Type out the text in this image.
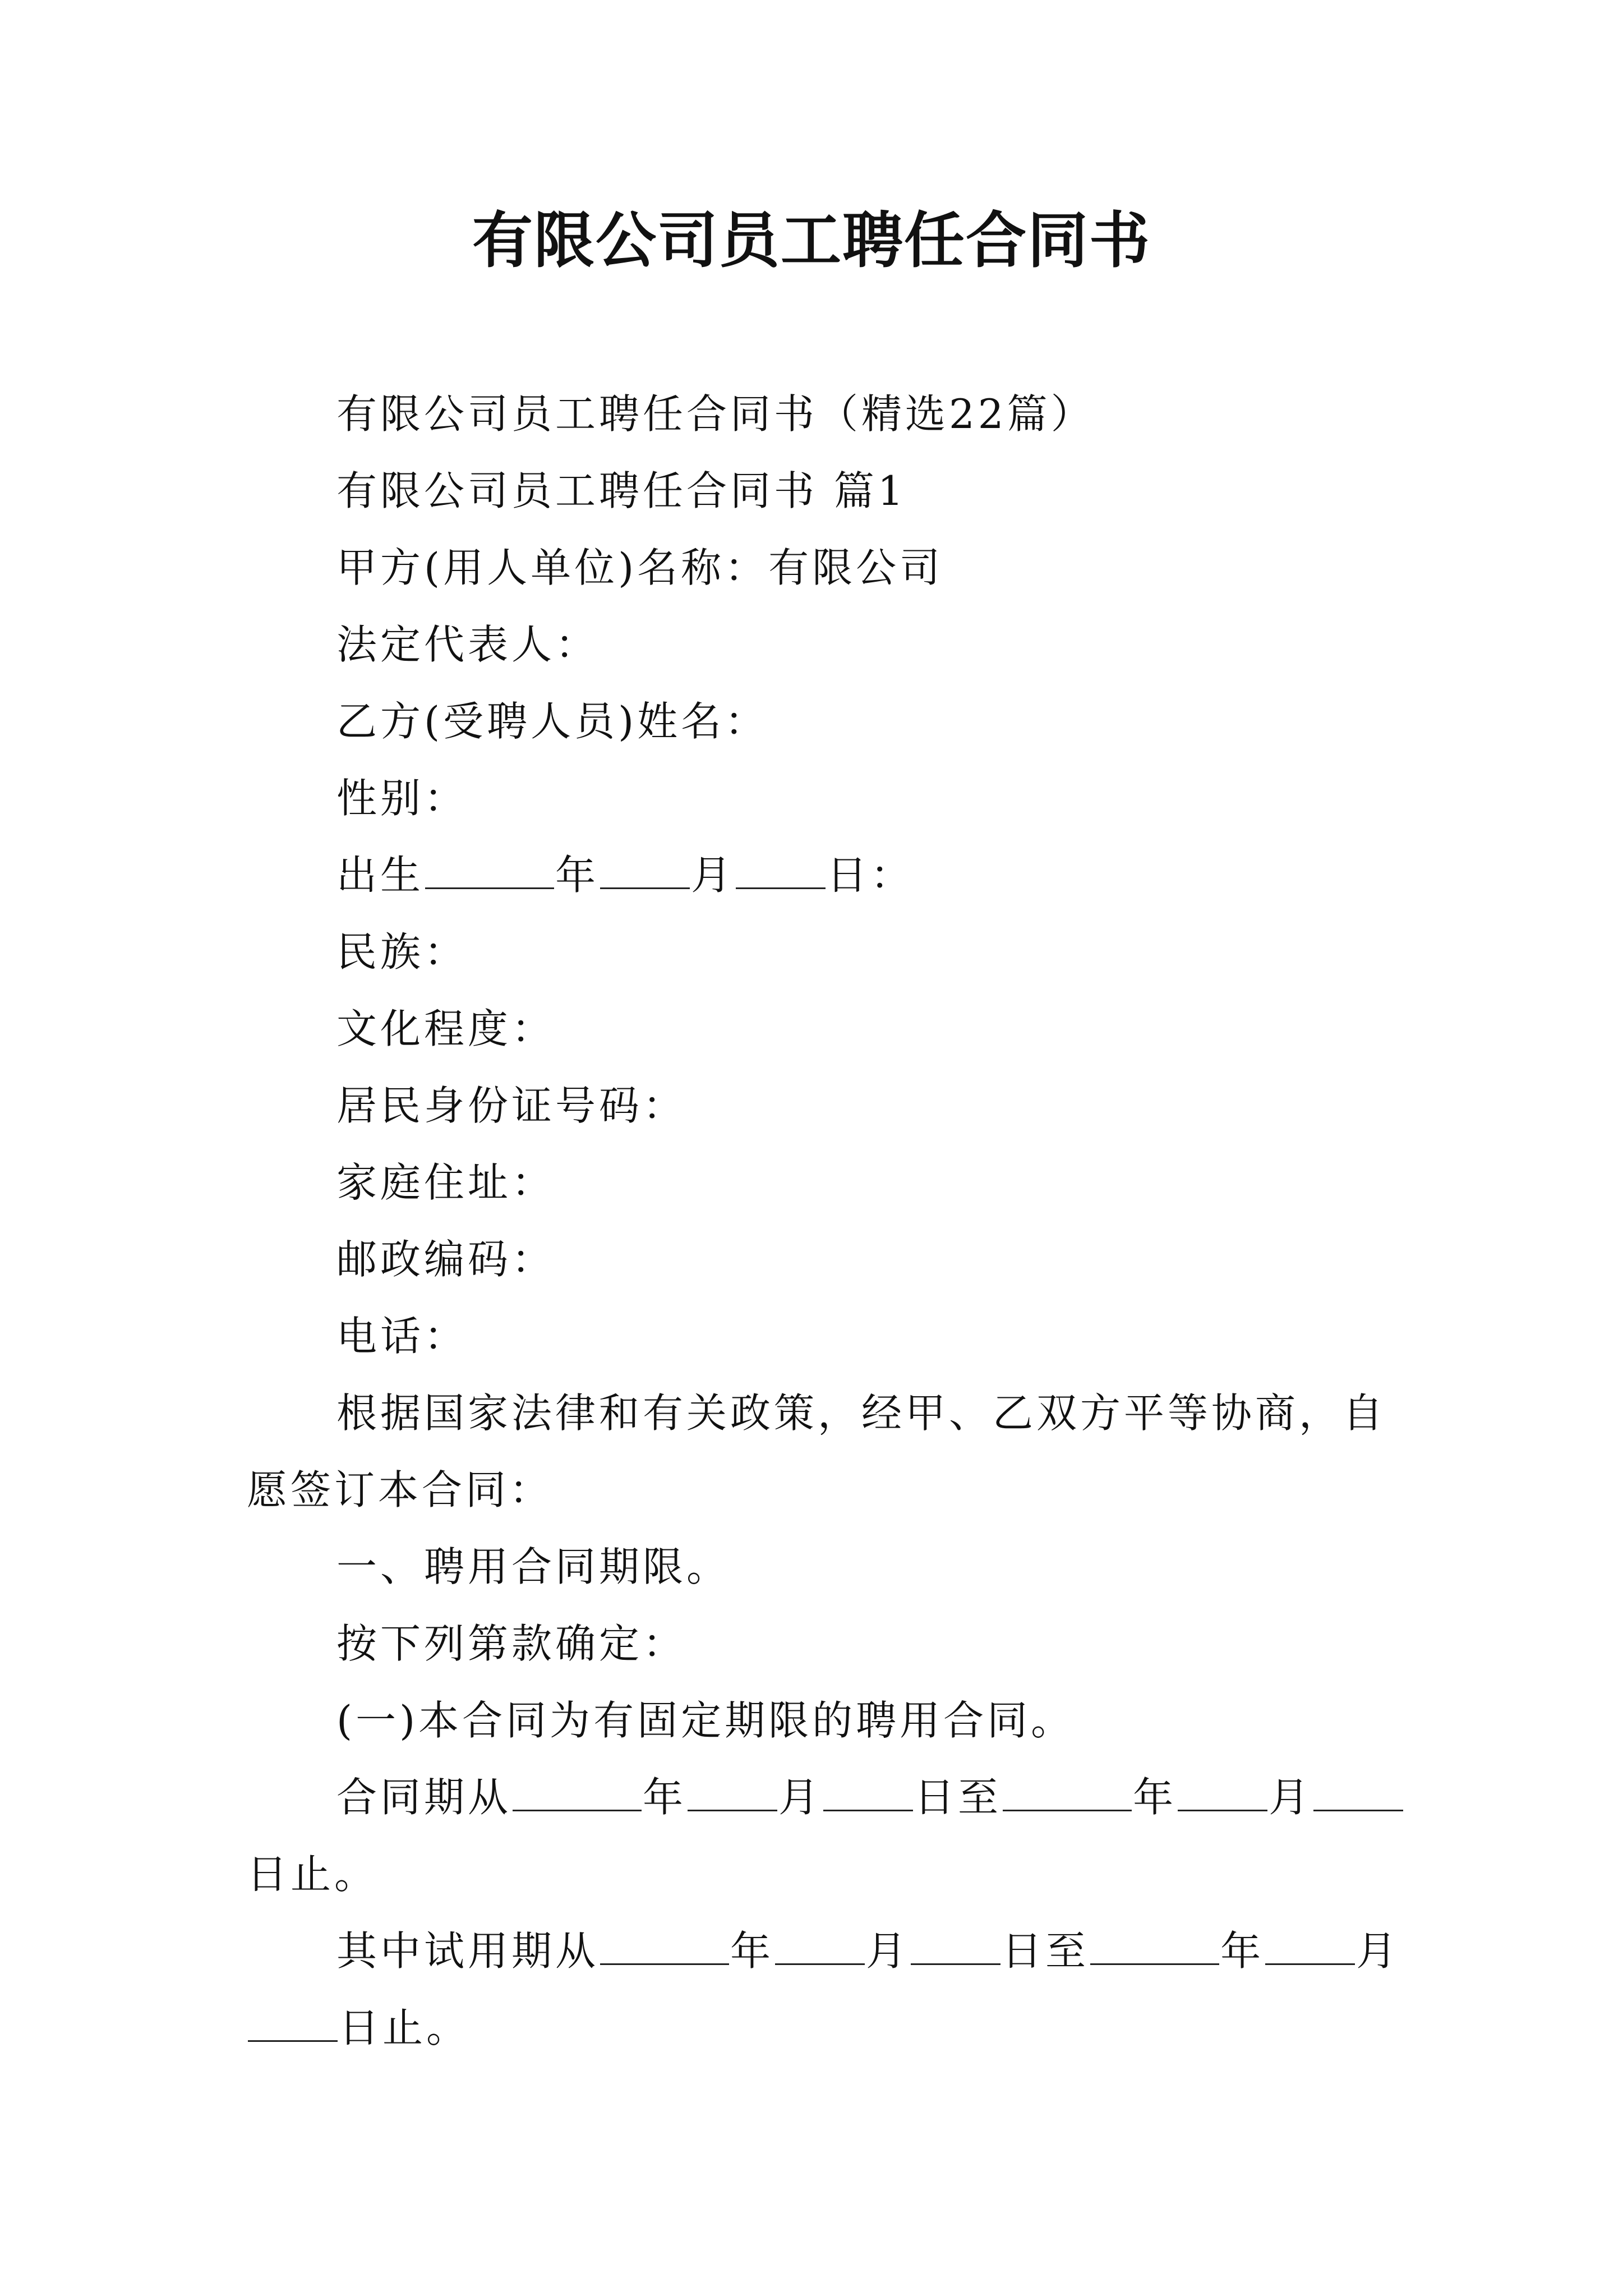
有限公司员工聘任合同书

有限公司员工聘任合同书（精选22篇）

有限公司员工聘任合同书 篇1

甲方(用人单位)名称：有限公司

法定代表人：

乙方(受聘人员)姓名：

性别：

出生	年 月 日：

民族：

文化程度：

居民身份证号码：

家庭住址：

邮政编码：

电话：

根据国家法律和有关政策，经甲、乙双方平等协商，自

愿签订本合同：

一、聘用合同期限。

按下列第款确定：

(一)本合同为有固定期限的聘用合同。

合同期从	年 月 日至	年 月

日止。

其中试用期从	年 月 日至	年 月

日止。
